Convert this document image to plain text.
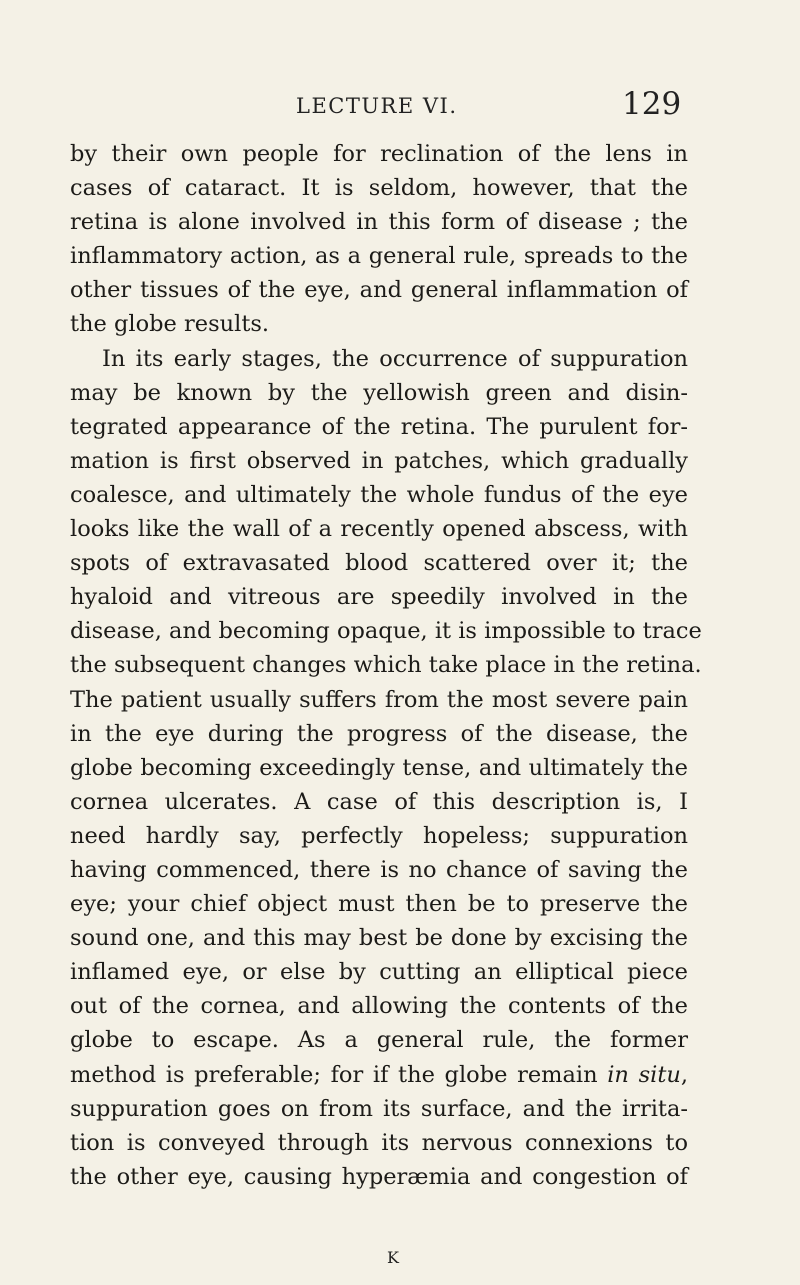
LECTURE VI.	129
by their own people for reclination of the lens in
cases of cataract. It is seldom, however, that the
retina is alone involved in this form of disease ; the
inflammatory action, as a general rule, spreads to the
other tissues of the eye, and general inflammation of
the globe results.
In its early stages, the occurrence of suppuration
may be known by the yellowish green and disin-
tegrated appearance of the retina. The purulent for-
mation is first observed in patches, which gradually
coalesce, and ultimately the whole fundus of the eye
looks like the wall of a recently opened abscess, with
spots of extravasated blood scattered over it; the
hyaloid and vitreous are speedily involved in the
disease, and becoming opaque, it is impossible to trace
the subsequent changes which take place in the retina.
The patient usually suffers from the most severe pain
in the eye during the progress of the disease, the
globe becoming exceedingly tense, and ultimately the
cornea ulcerates. A case of this description is, I
need hardly say, perfectly hopeless; suppuration
having commenced, there is no chance of saving the
eye; your chief object must then be to preserve the
sound one, and this may best be done by excising the
inflamed eye, or else by cutting an elliptical piece
out of the cornea, and allowing the contents of the
globe to escape. As a general rule, the former
method is preferable; for if the globe remain in situ,
suppuration goes on from its surface, and the irrita-
tion is conveyed through its nervous connexions to
the other eye, causing hyperæmia and congestion of
K
